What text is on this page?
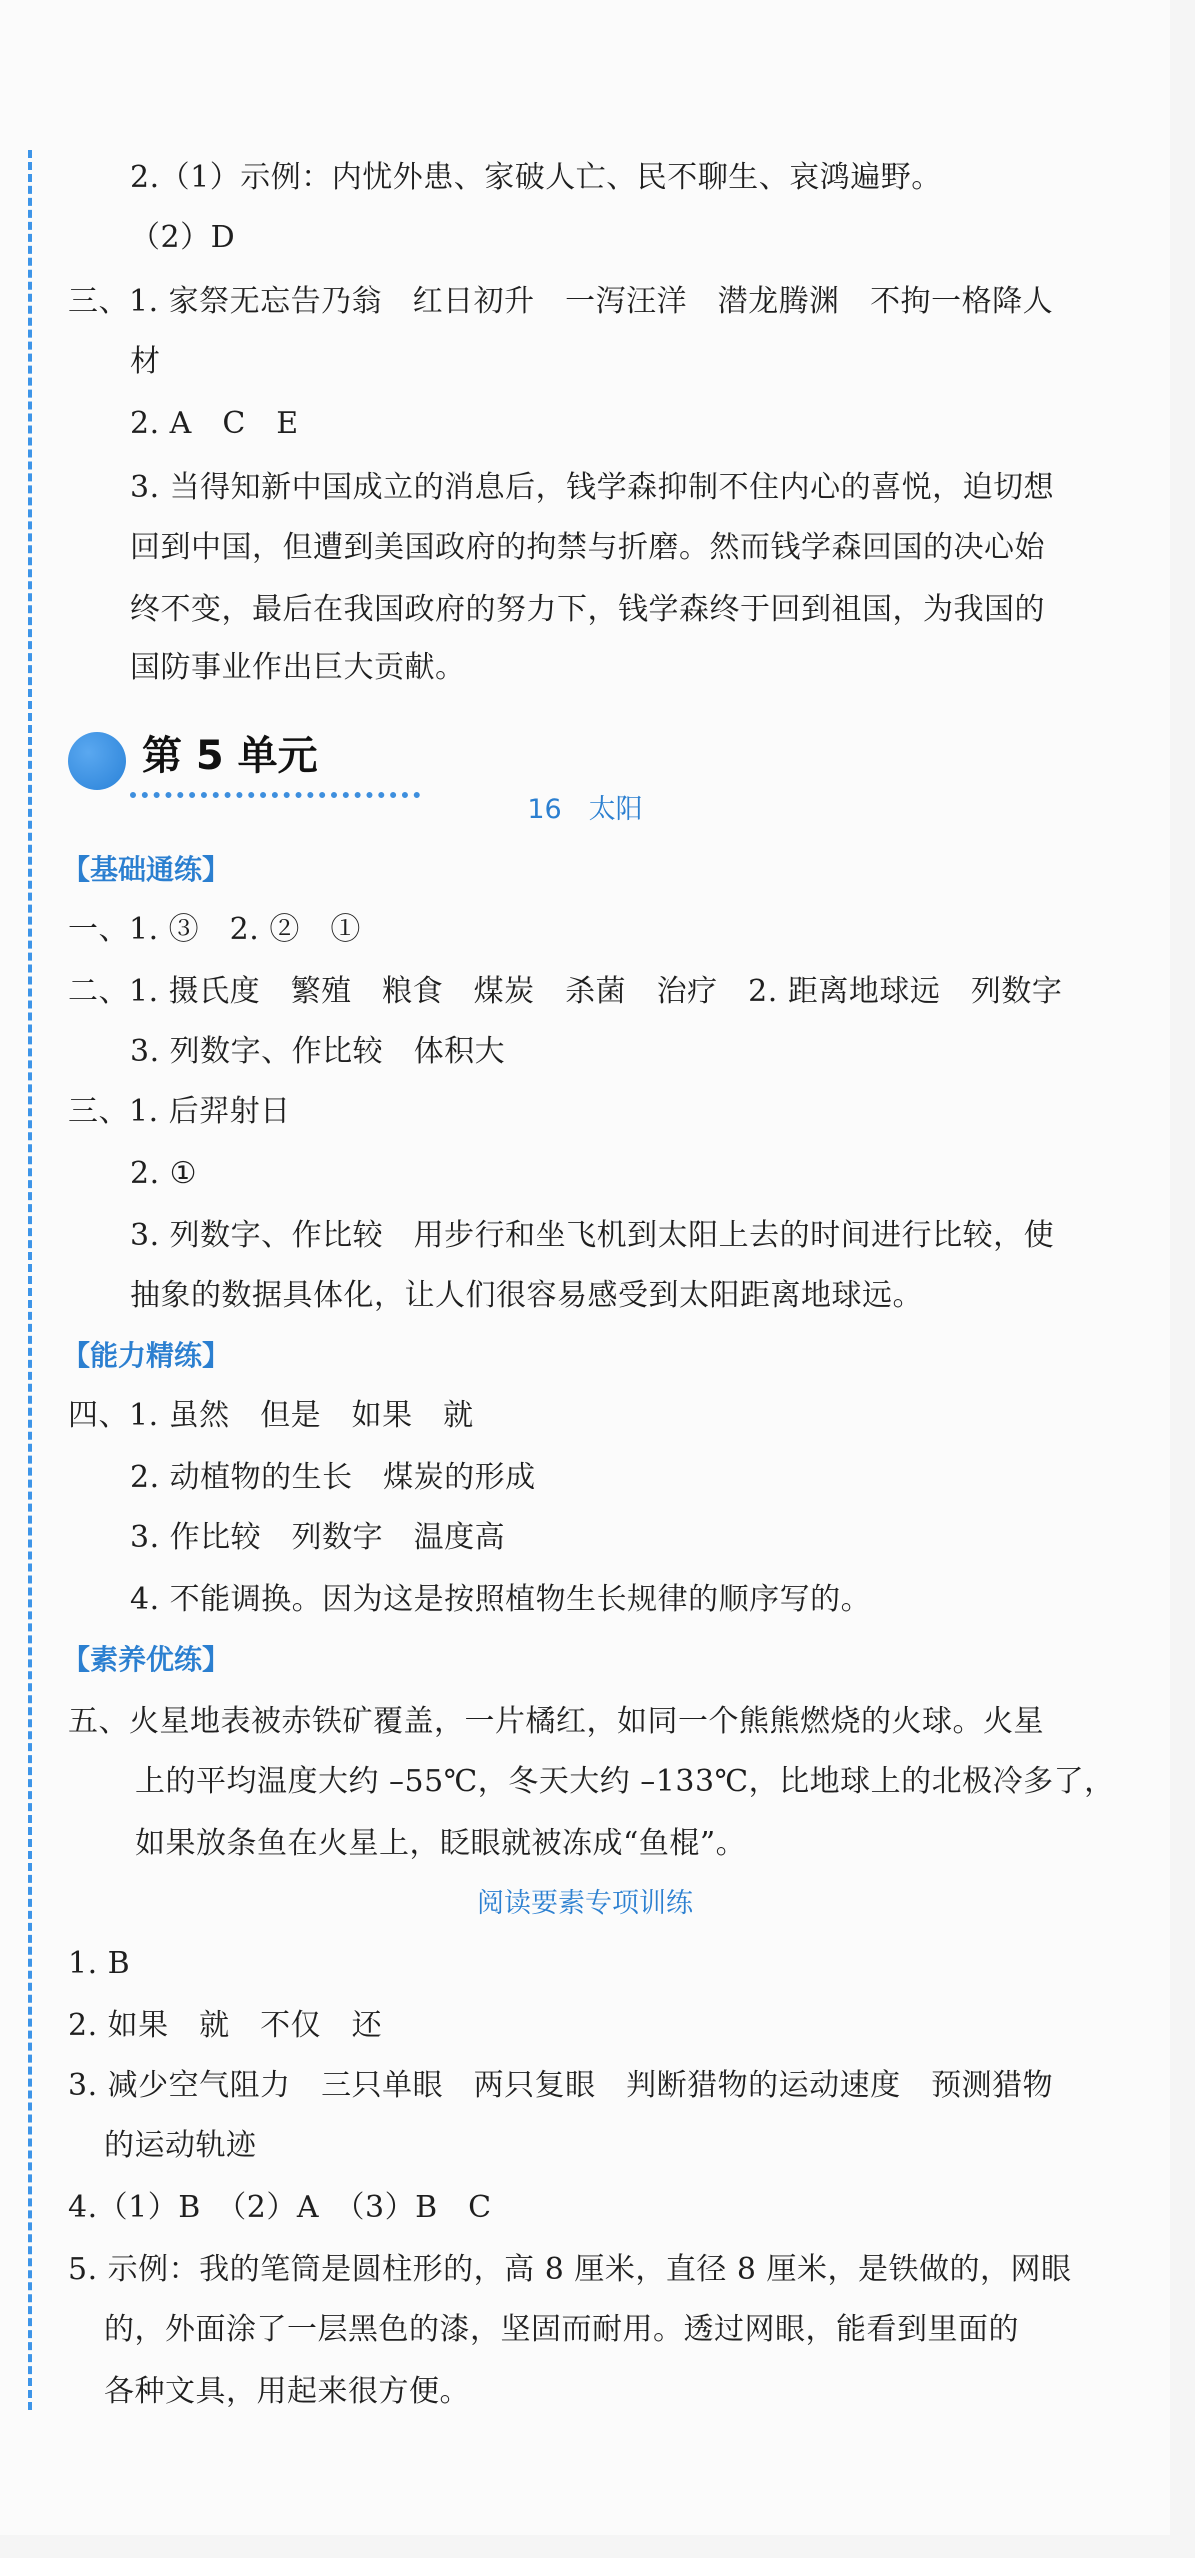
2.（1）示例：内忧外患、家破人亡、民不聊生、哀鸿遍野。
（2）D
三、1. 家祭无忘告乃翁　红日初升　一泻汪洋　潜龙腾渊　不拘一格降人
材
2. A　C　E
3. 当得知新中国成立的消息后，钱学森抑制不住内心的喜悦，迫切想
回到中国，但遭到美国政府的拘禁与折磨。然而钱学森回国的决心始
终不变，最后在我国政府的努力下，钱学森终于回到祖国，为我国的
国防事业作出巨大贡献。
第 5 单元
16　太阳
【基础通练】
一、1. ③　2. ②　①
二、1. 摄氏度　繁殖　粮食　煤炭　杀菌　治疗　2. 距离地球远　列数字
3. 列数字、作比较　体积大
三、1. 后羿射日
2. ①
3. 列数字、作比较　用步行和坐飞机到太阳上去的时间进行比较，使
抽象的数据具体化，让人们很容易感受到太阳距离地球远。
【能力精练】
四、1. 虽然　但是　如果　就
2. 动植物的生长　煤炭的形成
3. 作比较　列数字　温度高
4. 不能调换。因为这是按照植物生长规律的顺序写的。
【素养优练】
五、火星地表被赤铁矿覆盖，一片橘红，如同一个熊熊燃烧的火球。火星
上的平均温度大约 –55℃，冬天大约 –133℃，比地球上的北极冷多了，
如果放条鱼在火星上，眨眼就被冻成“鱼棍”。
阅读要素专项训练
1. B
2. 如果　就　不仅　还
3. 减少空气阻力　三只单眼　两只复眼　判断猎物的运动速度　预测猎物
的运动轨迹
4.（1）B　（2）A　（3）B　C
5. 示例：我的笔筒是圆柱形的，高 8 厘米，直径 8 厘米，是铁做的，网眼
的，外面涂了一层黑色的漆，坚固而耐用。透过网眼，能看到里面的
各种文具，用起来很方便。
